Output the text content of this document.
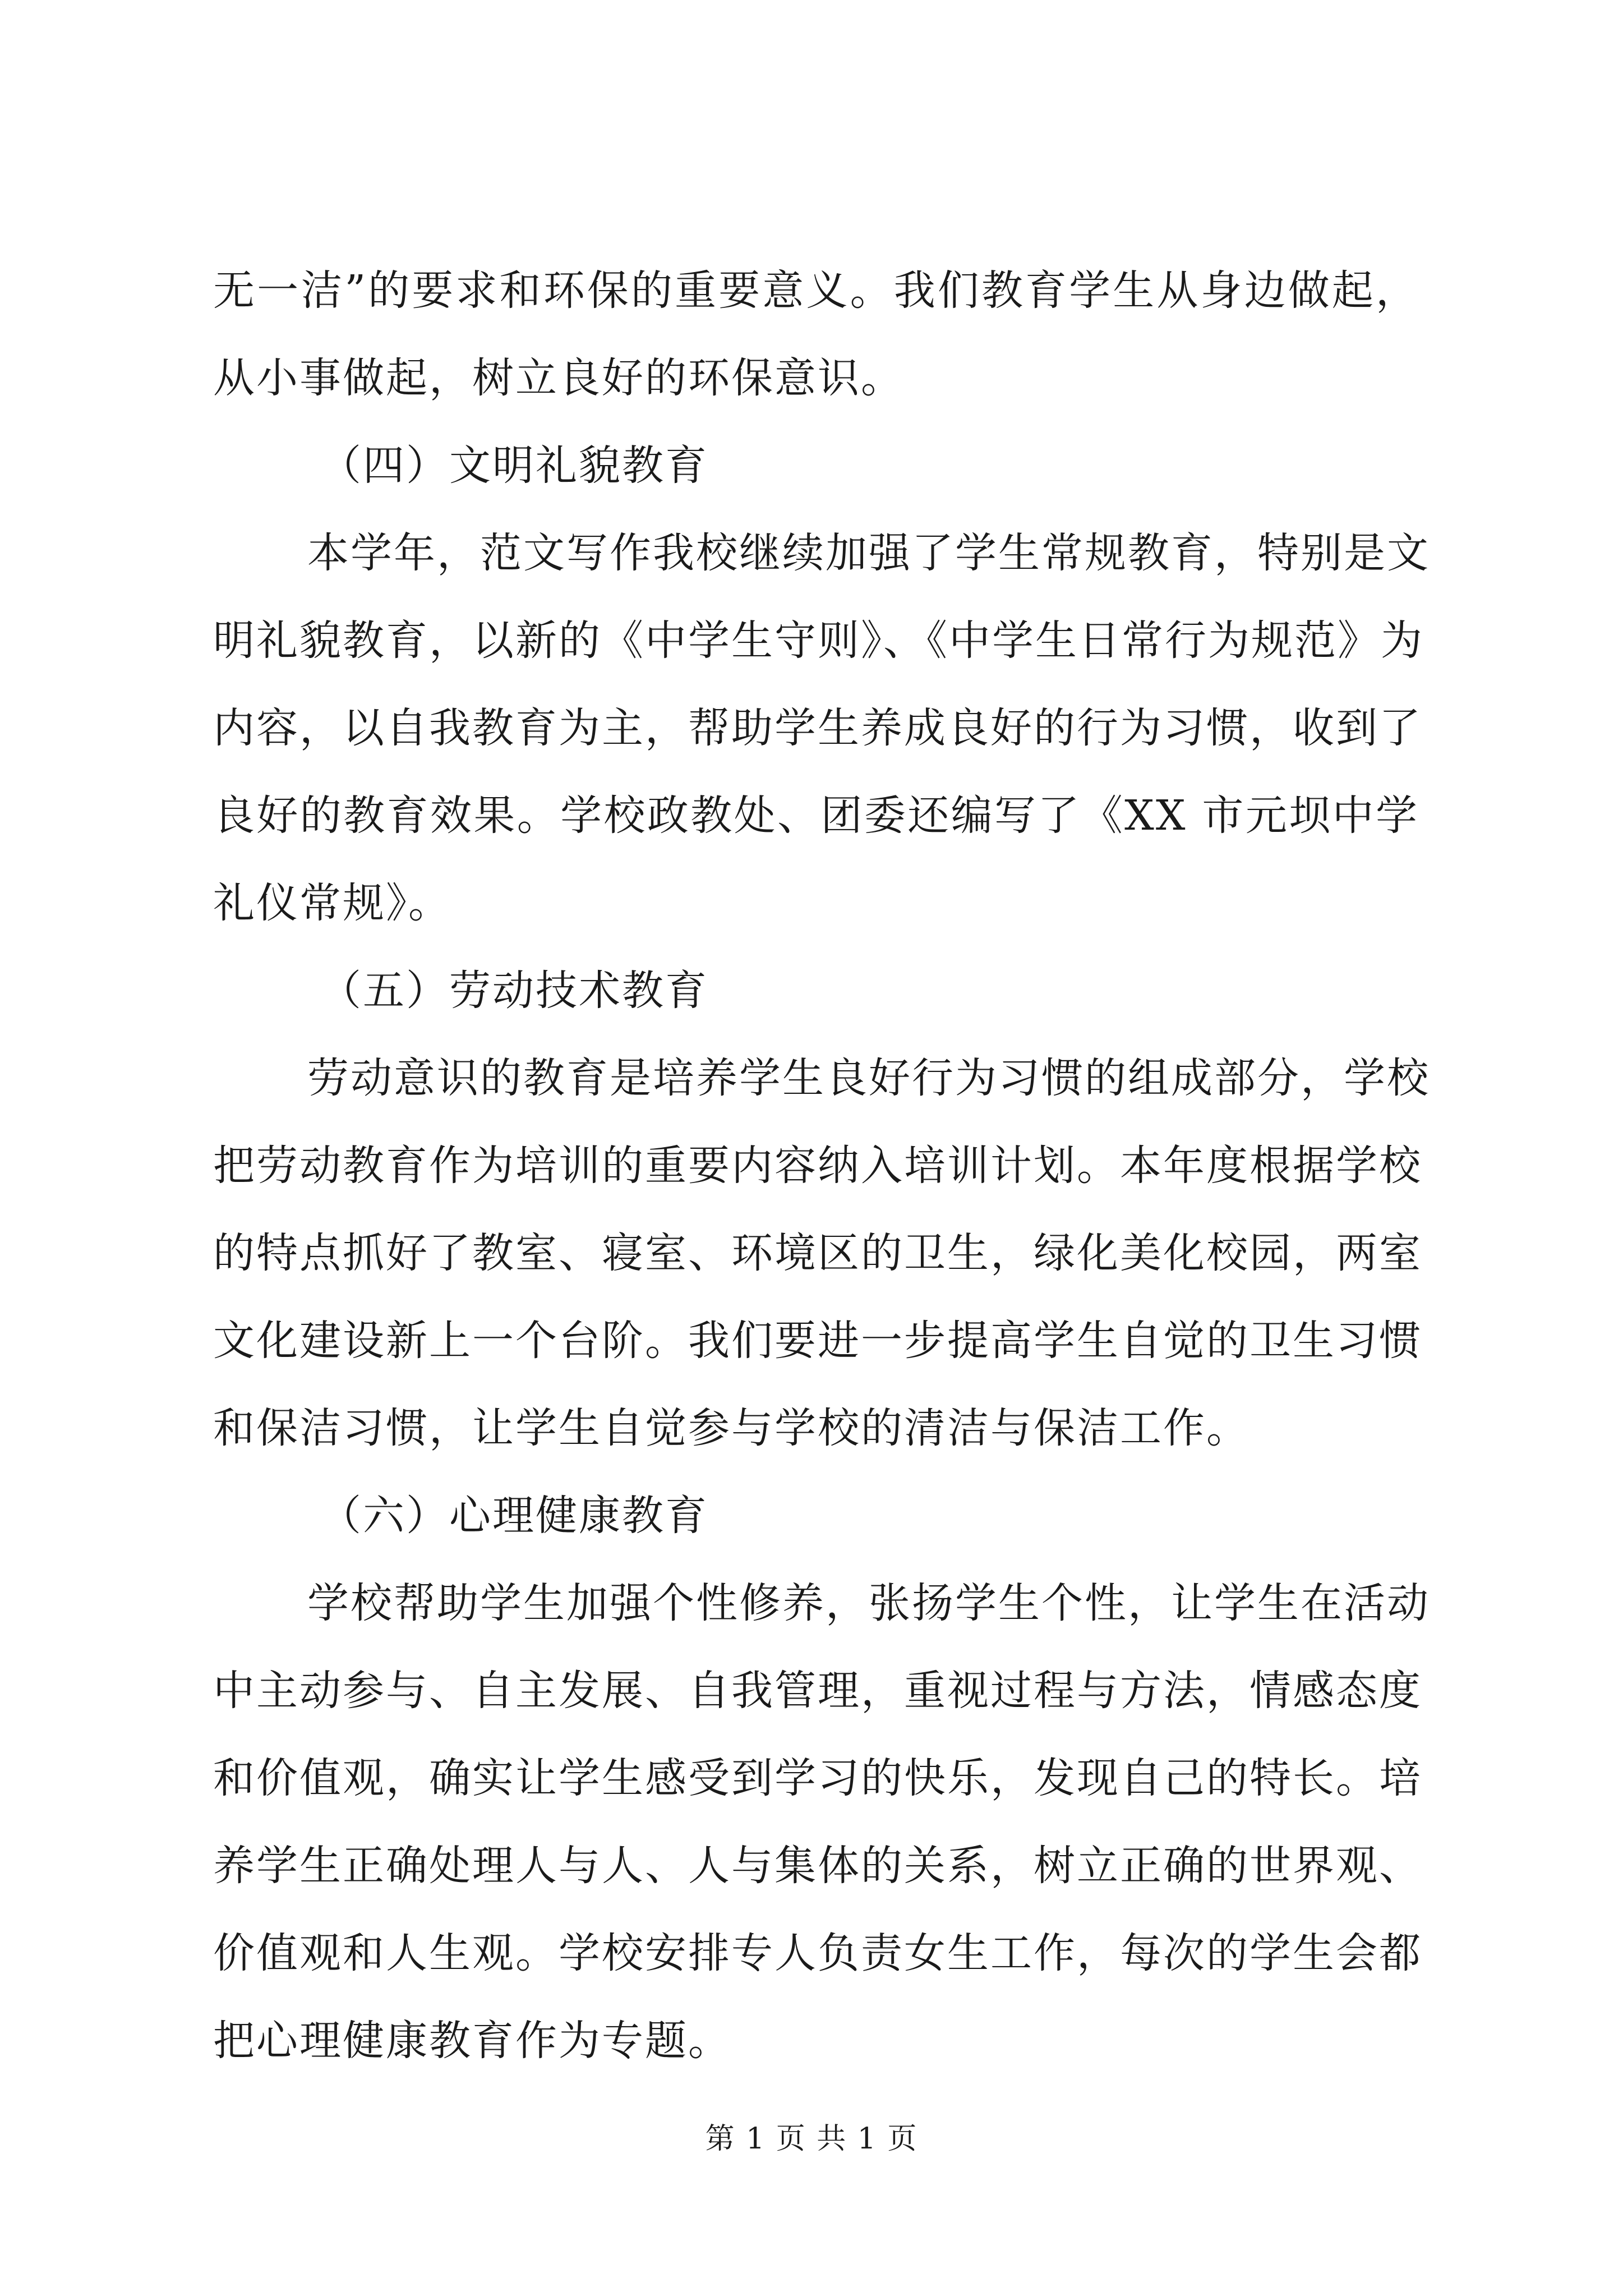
无一洁”的要求和环保的重要意义。我们教育学生从身边做起，
从小事做起，树立良好的环保意识。
（四）文明礼貌教育
本学年，范文写作我校继续加强了学生常规教育，特别是文
明礼貌教育，以新的《中学生守则》、《中学生日常行为规范》为
内容，以自我教育为主，帮助学生养成良好的行为习惯，收到了
良好的教育效果。学校政教处、团委还编写了《XX 市元坝中学
礼仪常规》。
（五）劳动技术教育
劳动意识的教育是培养学生良好行为习惯的组成部分，学校
把劳动教育作为培训的重要内容纳入培训计划。本年度根据学校
的特点抓好了教室、寝室、环境区的卫生，绿化美化校园，两室
文化建设新上一个台阶。我们要进一步提高学生自觉的卫生习惯
和保洁习惯，让学生自觉参与学校的清洁与保洁工作。
（六）心理健康教育
学校帮助学生加强个性修养，张扬学生个性，让学生在活动
中主动参与、自主发展、自我管理，重视过程与方法，情感态度
和价值观，确实让学生感受到学习的快乐，发现自己的特长。培
养学生正确处理人与人、人与集体的关系，树立正确的世界观、
价值观和人生观。学校安排专人负责女生工作，每次的学生会都
把心理健康教育作为专题。
第 1 页 共 1 页
